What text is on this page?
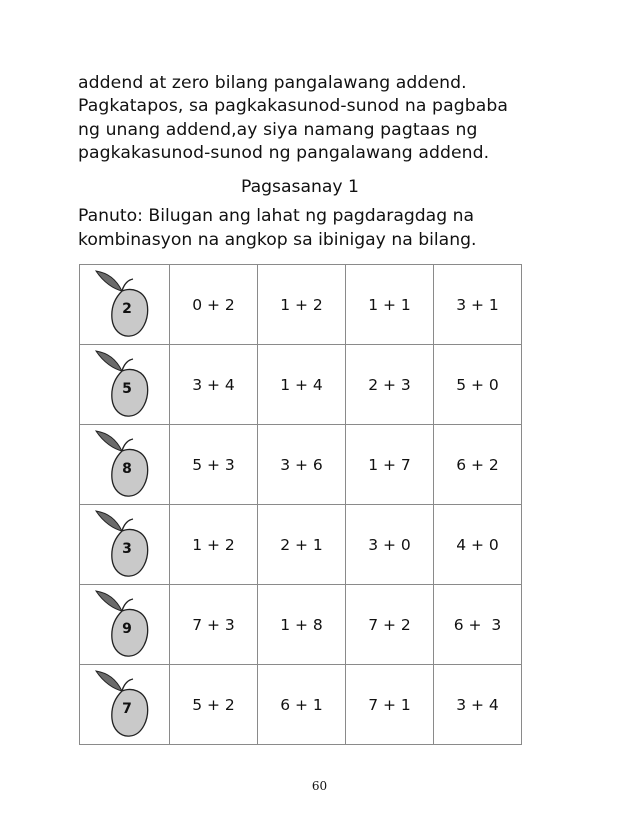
addend at zero bilang pangalawang addend.
Pagkatapos, sa pagkakasunod-sunod na pagbaba
ng unang addend,ay siya namang pagtaas ng
pagkakasunod-sunod ng pangalawang addend.
Pagsasanay 1
Panuto: Bilugan ang lahat ng pagdaragdag na
kombinasyon na angkop sa ibinigay na bilang.
2	0 + 2	1 + 2	1 + 1	3 + 1

5	3 + 4	1 + 4	2 + 3	5 + 0

8	5 + 3	3 + 6	1 + 7	6 + 2

3	1 + 2	2 + 1	3 + 0	4 + 0

9	7 + 3	1 + 8	7 + 2	6 +  3

7	5 + 2	6 + 1	7 + 1	3 + 4
60
